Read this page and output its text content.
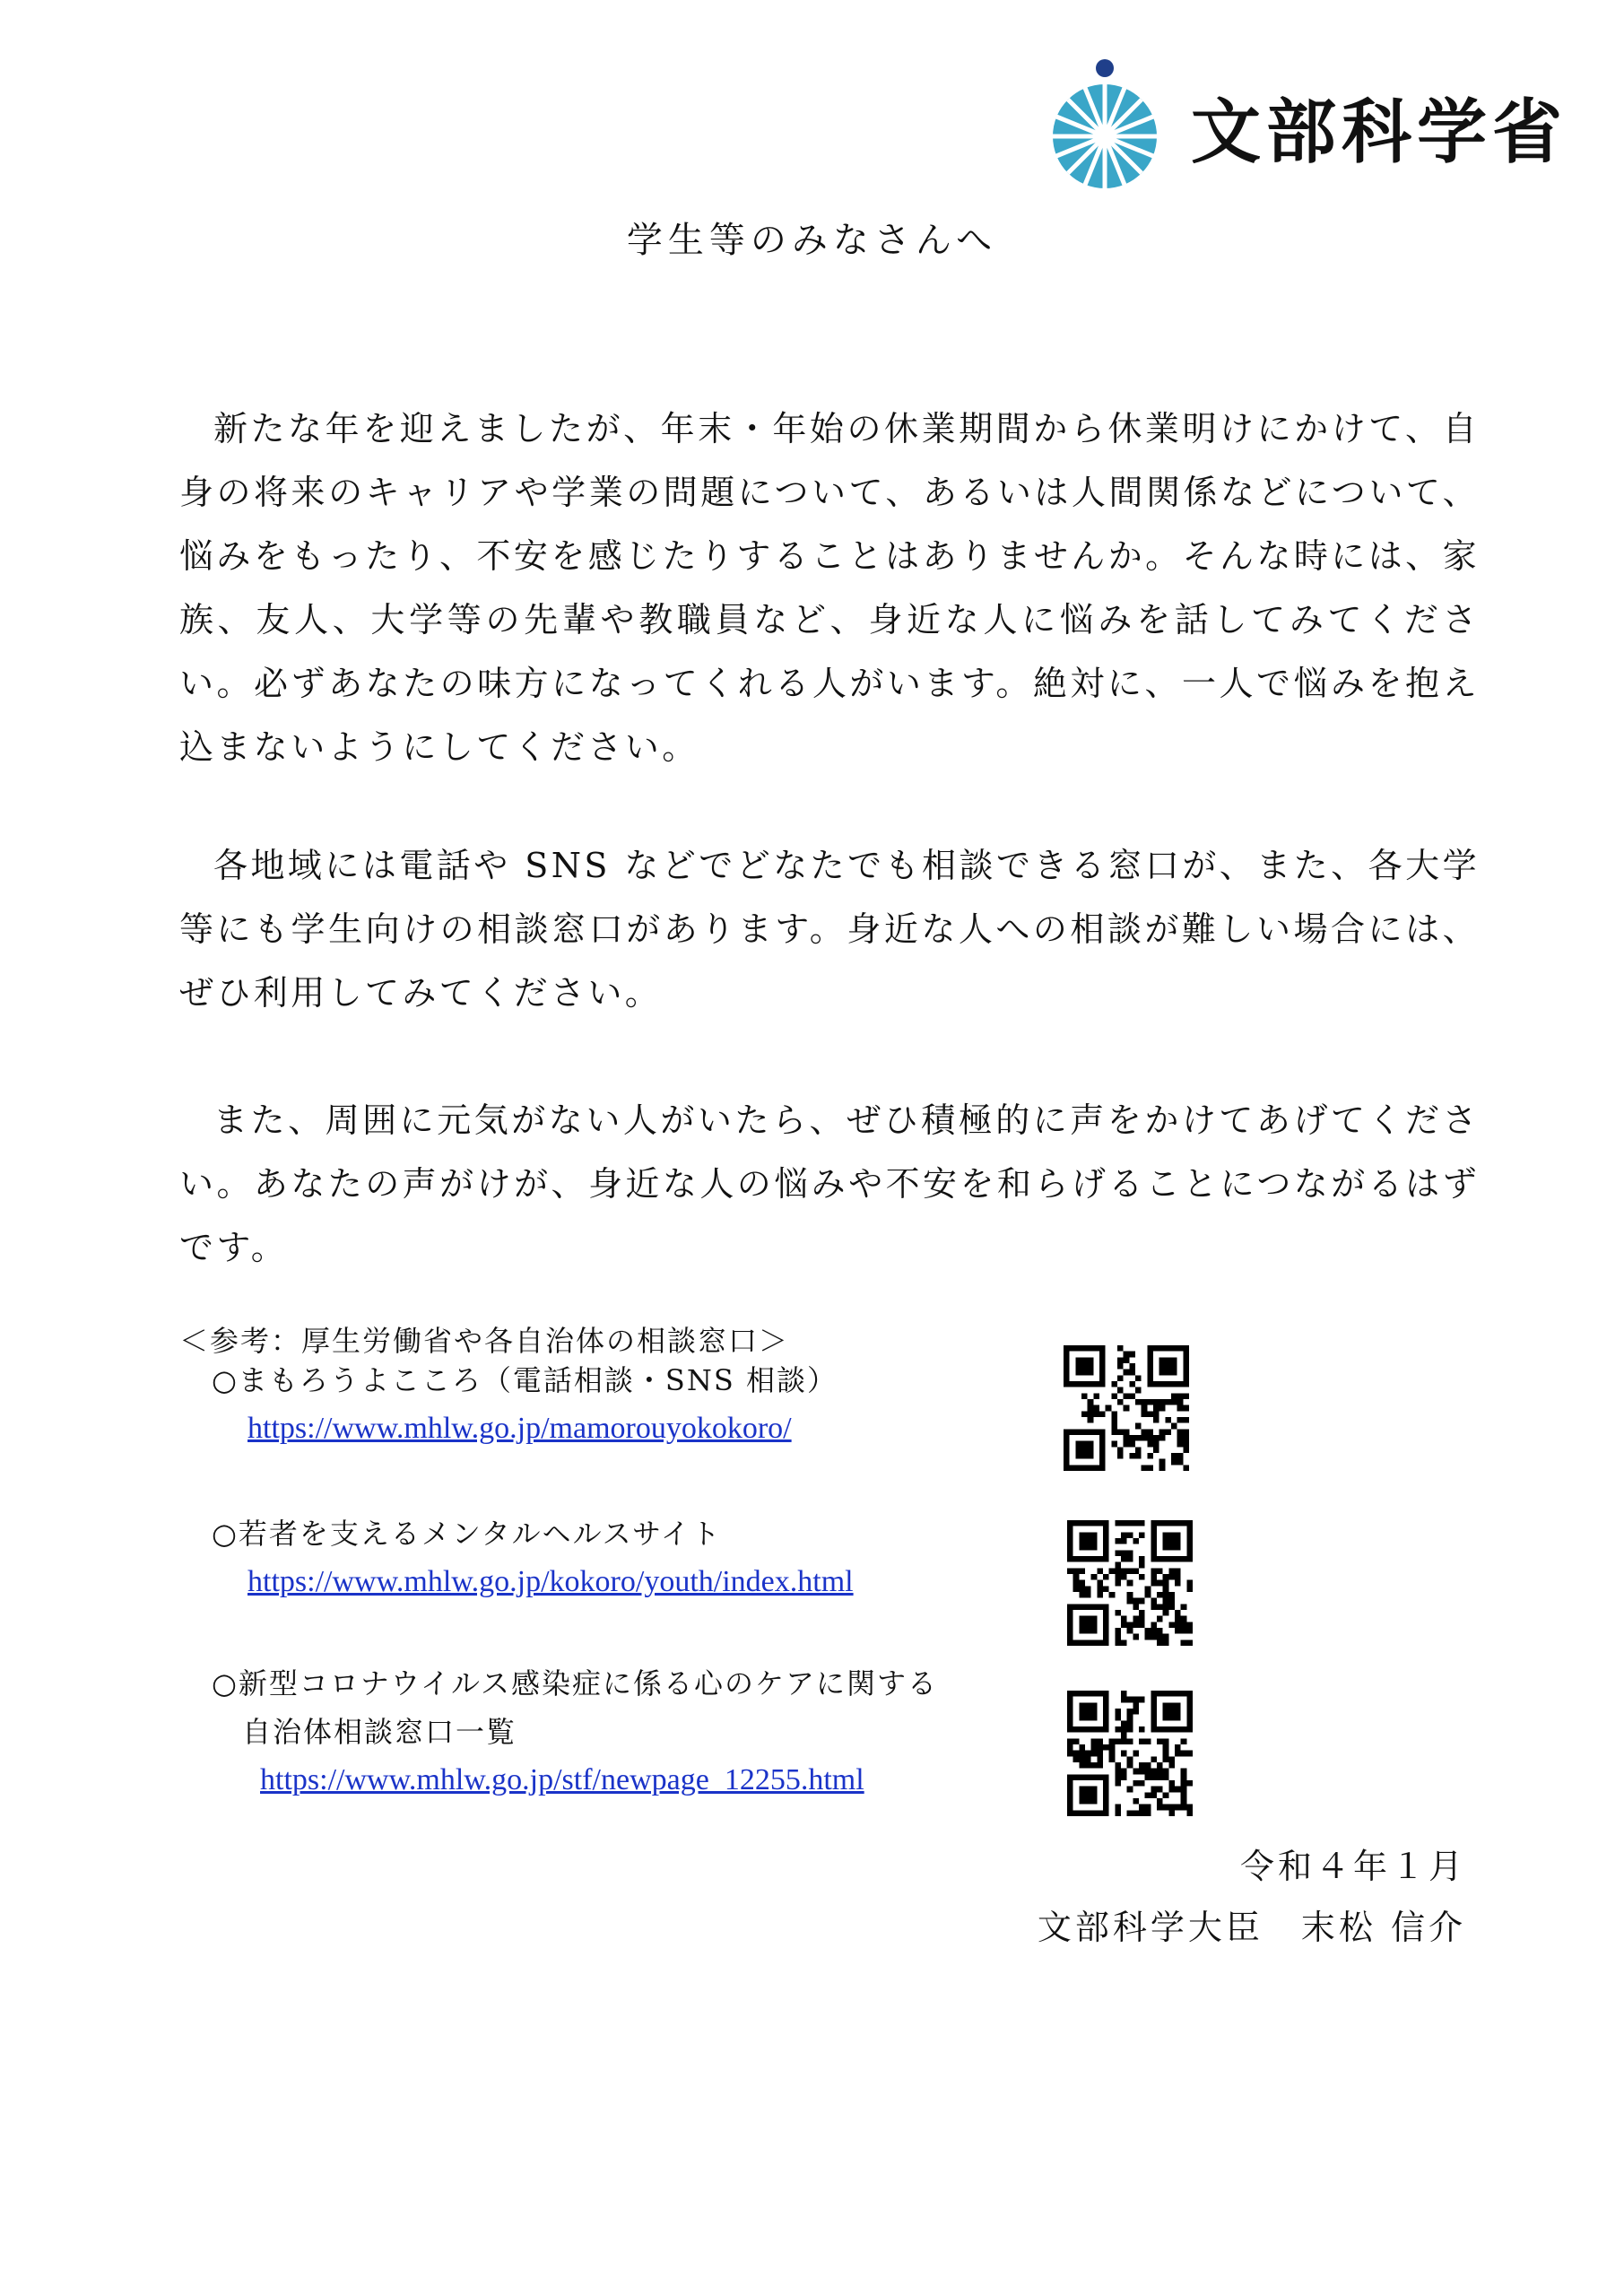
文部科学省
学生等のみなさんへ

新たな年を迎えましたが、年末・年始の休業期間から休業明けにかけて、自身の将来のキャリアや学業の問題について、あるいは人間関係などについて、悩みをもったり、不安を感じたりすることはありませんか。そんな時には、家族、友人、大学等の先輩や教職員など、身近な人に悩みを話してみてください。必ずあなたの味方になってくれる人がいます。絶対に、一人で悩みを抱え込まないようにしてください。

各地域には電話や SNS などでどなたでも相談できる窓口が、また、各大学等にも学生向けの相談窓口があります。身近な人への相談が難しい場合には、ぜひ利用してみてください。

また、周囲に元気がない人がいたら、ぜひ積極的に声をかけてあげてください。あなたの声がけが、身近な人の悩みや不安を和らげることにつながるはずです。

＜参考：厚生労働省や各自治体の相談窓口＞
○まもろうよこころ（電話相談・SNS 相談）
https://www.mhlw.go.jp/mamorouyokokoro/
○若者を支えるメンタルヘルスサイト
https://www.mhlw.go.jp/kokoro/youth/index.html
○新型コロナウイルス感染症に係る心のケアに関する
自治体相談窓口一覧
https://www.mhlw.go.jp/stf/newpage_12255.html
令和４年１月
文部科学大臣　末松 信介
